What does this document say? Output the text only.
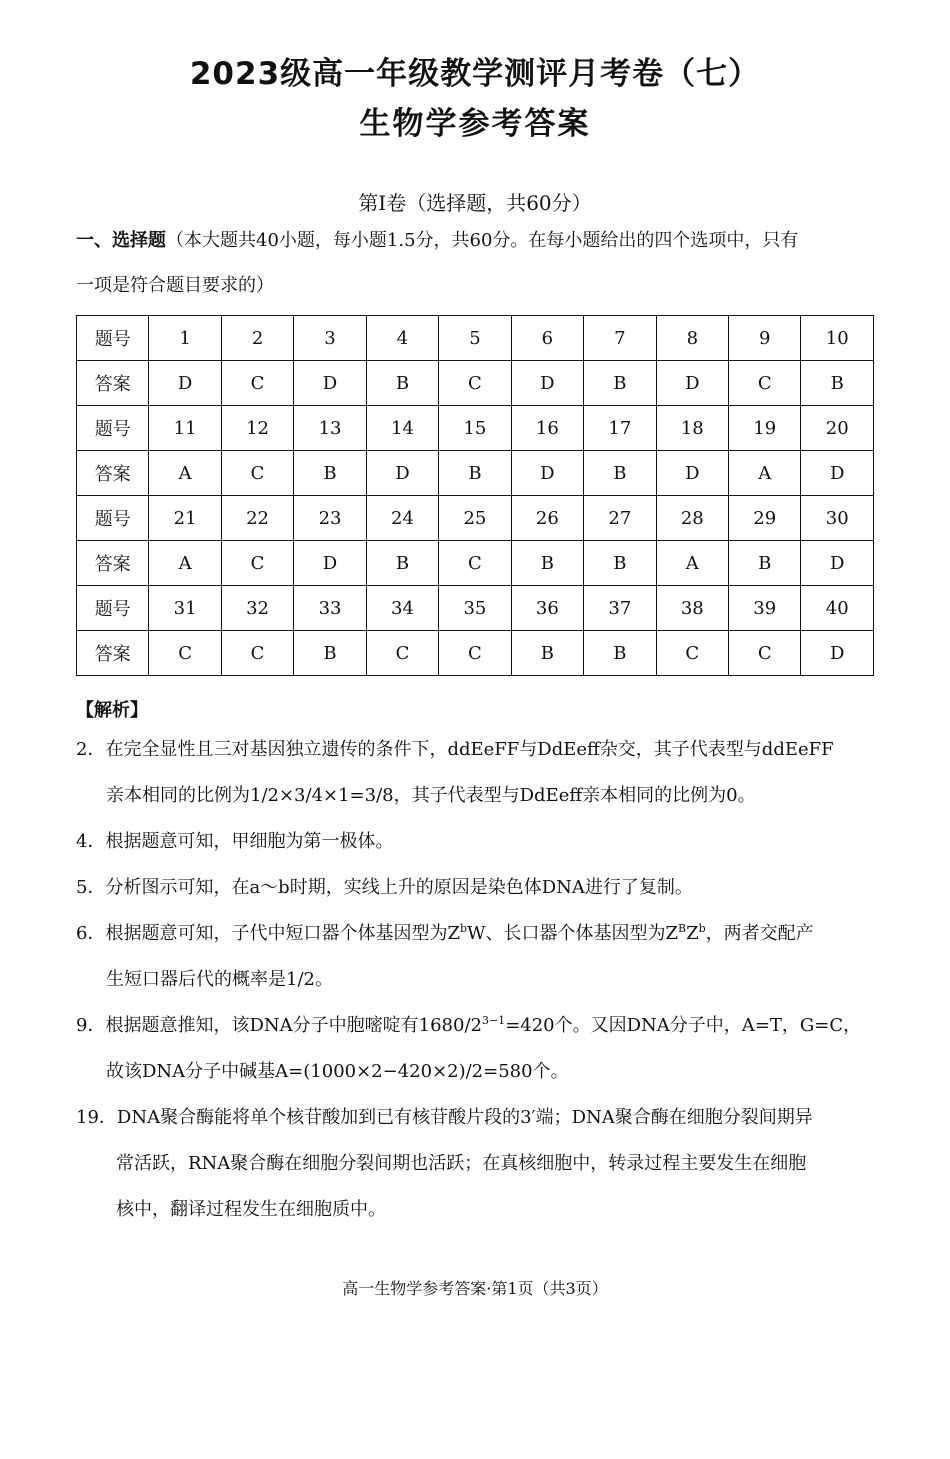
2023级高一年级教学测评月考卷（七）
生物学参考答案
第Ⅰ卷（选择题，共60分）
一、选择题（本大题共40小题，每小题1.5分，共60分。在每小题给出的四个选项中，只有
一项是符合题目要求的）
题号	1	2	3	4	5	6	7	8	9	10
答案	D	C	D	B	C	D	B	D	C	B
题号	11	12	13	14	15	16	17	18	19	20
答案	A	C	B	D	B	D	B	D	A	D
题号	21	22	23	24	25	26	27	28	29	30
答案	A	C	D	B	C	B	B	A	B	D
题号	31	32	33	34	35	36	37	38	39	40
答案	C	C	B	C	C	B	B	C	C	D
【解析】
2．在完全显性且三对基因独立遗传的条件下，ddEeFF与DdEeff杂交，其子代表型与ddEeFF
亲本相同的比例为1/2×3/4×1=3/8，其子代表型与DdEeff亲本相同的比例为0。
4．根据题意可知，甲细胞为第一极体。
5．分析图示可知，在a～b时期，实线上升的原因是染色体DNA进行了复制。
6．根据题意可知，子代中短口器个体基因型为$Z^bW$、长口器个体基因型为$Z^BZ^b$，两者交配产
生短口器后代的概率是1/2。
9．根据题意推知，该DNA分子中胞嘧啶有$1680/2^{3-1}=420$个。又因DNA分子中，A=T，G=C，
故该DNA分子中碱基A=(1000×2−420×2)/2=580个。
19．DNA聚合酶能将单个核苷酸加到已有核苷酸片段的3′端；DNA聚合酶在细胞分裂间期异
常活跃，RNA聚合酶在细胞分裂间期也活跃；在真核细胞中，转录过程主要发生在细胞
核中，翻译过程发生在细胞质中。
高一生物学参考答案·第1页（共3页）
